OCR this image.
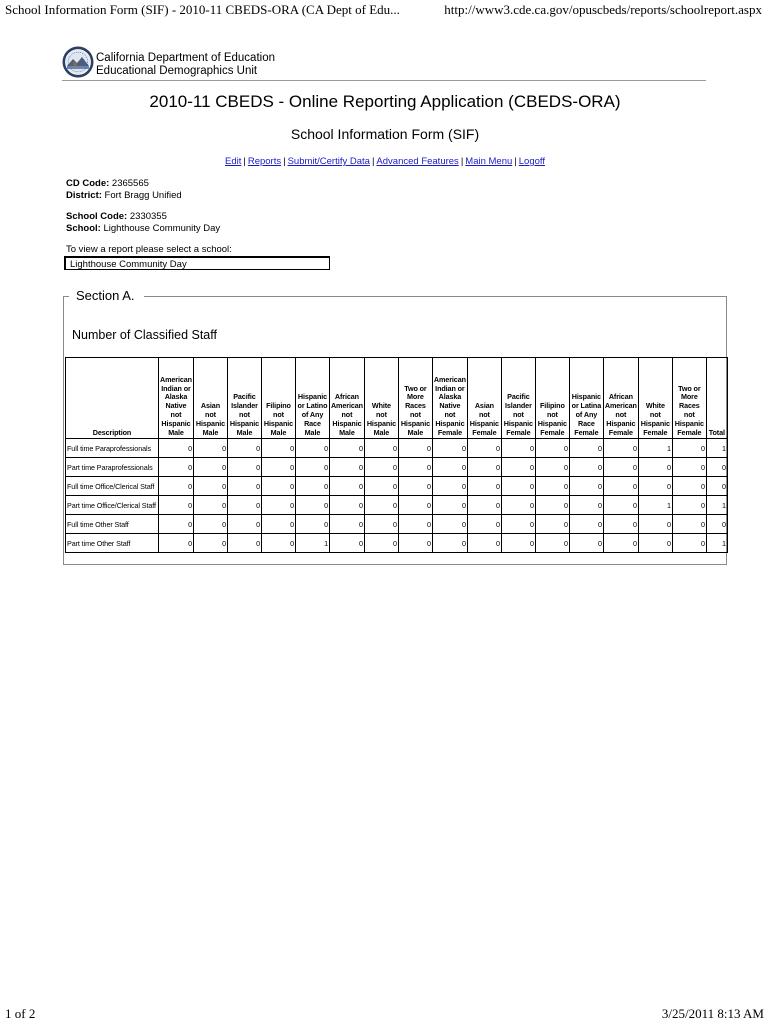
School Information Form (SIF) - 2010-11 CBEDS-ORA (CA Dept of Edu...	http://www3.cde.ca.gov/opuscbeds/reports/schoolreport.aspx
California Department of Education
Educational Demographics Unit
2010-11 CBEDS - Online Reporting Application (CBEDS-ORA)
School Information Form (SIF)
Edit | Reports | Submit/Certify Data | Advanced Features | Main Menu | Logoff
CD Code: 2365565
District: Fort Bragg Unified
School Code: 2330355
School: Lighthouse Community Day
To view a report please select a school:
Lighthouse Community Day
Section A.
Number of Classified Staff
Description	American Indian or Alaska Native not Hispanic Male	Asian not Hispanic Male	Pacific Islander not Hispanic Male	Filipino not Hispanic Male	Hispanic or Latino of Any Race Male	African American not Hispanic Male	White not Hispanic Male	Two or More Races not Hispanic Male	American Indian or Alaska Native not Hispanic Female	Asian not Hispanic Female	Pacific Islander not Hispanic Female	Filipino not Hispanic Female	Hispanic or Latina of Any Race Female	African American not Hispanic Female	White not Hispanic Female	Two or More Races not Hispanic Female	Total
Full time Paraprofessionals	0	0	0	0	0	0	0	0	0	0	0	0	0	0	1	0	1
Part time Paraprofessionals	0	0	0	0	0	0	0	0	0	0	0	0	0	0	0	0	0
Full time Office/Clerical Staff	0	0	0	0	0	0	0	0	0	0	0	0	0	0	0	0	0
Part time Office/Clerical Staff	0	0	0	0	0	0	0	0	0	0	0	0	0	0	1	0	1
Full time Other Staff	0	0	0	0	0	0	0	0	0	0	0	0	0	0	0	0	0
Part time Other Staff	0	0	0	0	1	0	0	0	0	0	0	0	0	0	0	0	1
1 of 2	3/25/2011 8:13 AM
